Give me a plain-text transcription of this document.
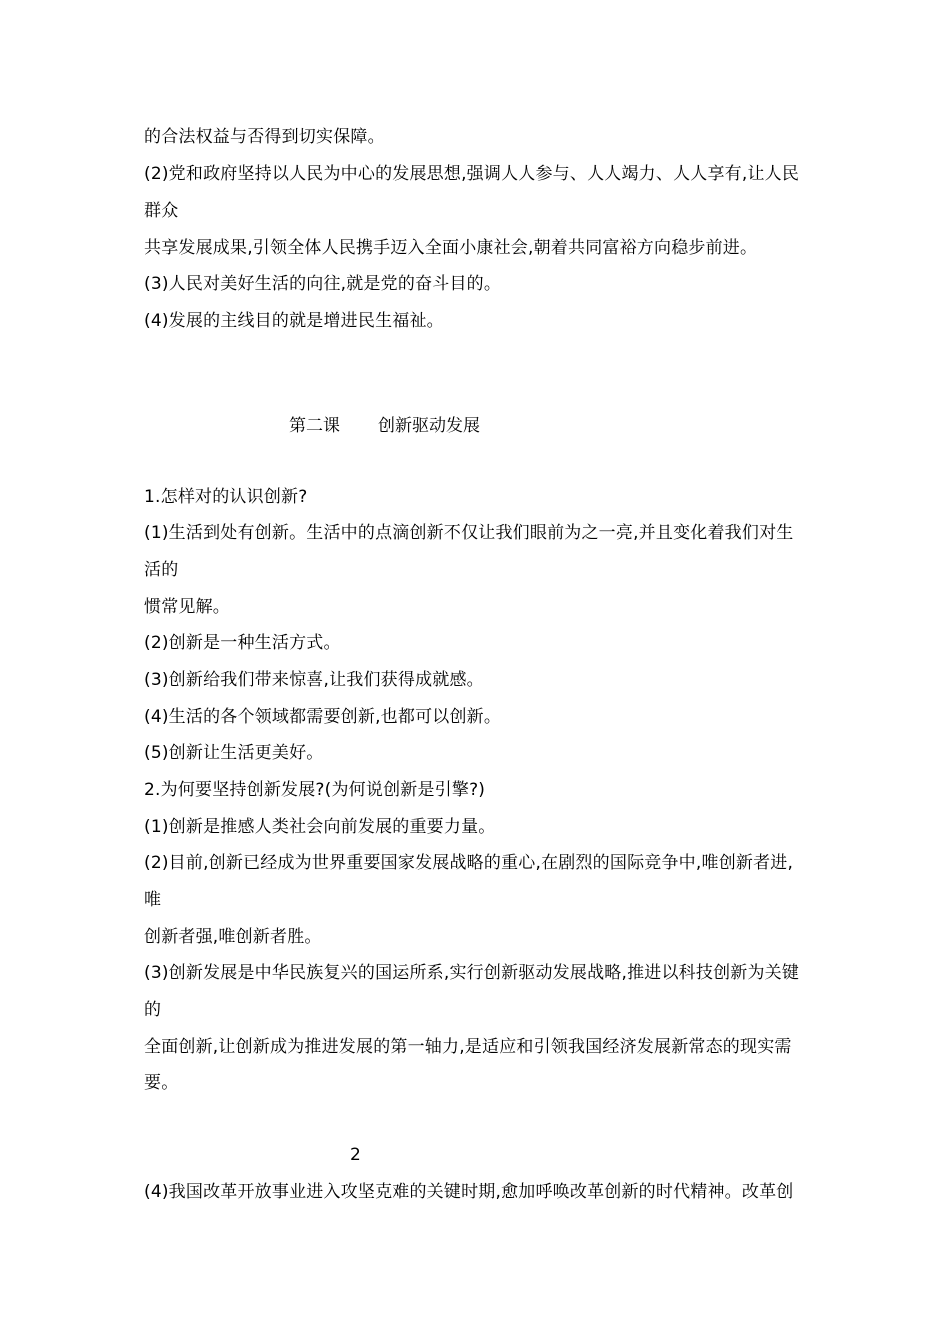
的合法权益与否得到切实保障。
(2)党和政府坚持以人民为中心的发展思想,强调人人参与、人人竭力、人人享有,让人民
群众
共享发展成果,引领全体人民携手迈入全面小康社会,朝着共同富裕方向稳步前进。
(3)人民对美好生活的向往,就是党的奋斗目的。
(4)发展的主线目的就是增进民生福祉。
第二课 创新驱动发展
1.怎样对的认识创新?
(1)生活到处有创新。生活中的点滴创新不仅让我们眼前为之一亮,并且变化着我们对生
活的
惯常见解。
(2)创新是一种生活方式。
(3)创新给我们带来惊喜,让我们获得成就感。
(4)生活的各个领域都需要创新,也都可以创新。
(5)创新让生活更美好。
2.为何要坚持创新发展?(为何说创新是引擎?)
(1)创新是推感人类社会向前发展的重要力量。
(2)目前,创新已经成为世界重要国家发展战略的重心,在剧烈的国际竞争中,唯创新者进,
唯
创新者强,唯创新者胜。
(3)创新发展是中华民族复兴的国运所系,实行创新驱动发展战略,推进以科技创新为关键
的
全面创新,让创新成为推进发展的第一轴力,是适应和引领我国经济发展新常态的现实需
要。
2
(4)我国改革开放事业进入攻坚克难的关键时期,愈加呼唤改革创新的时代精神。改革创
